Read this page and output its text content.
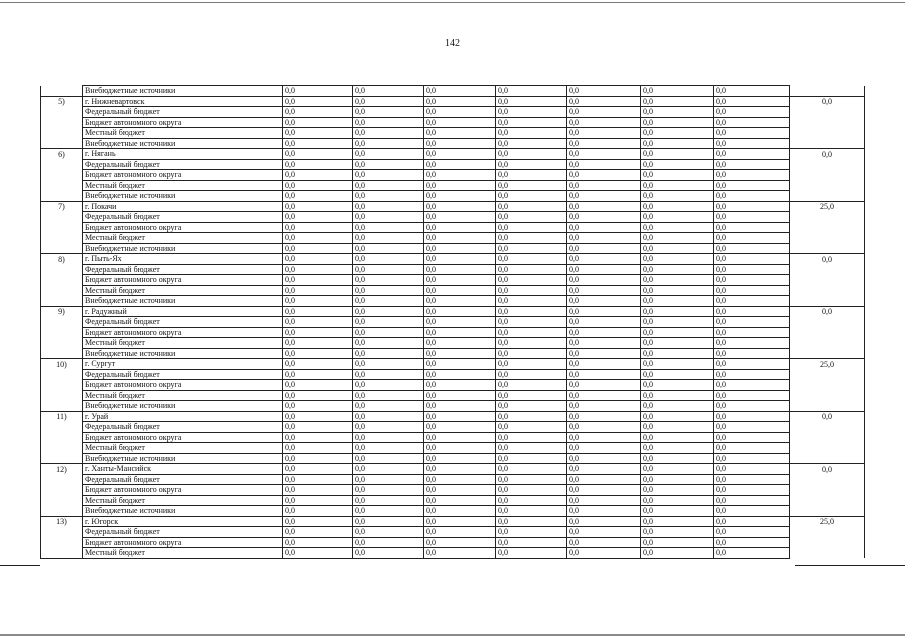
142
	Внебюджетные источники	0,0	0,0	0,0	0,0	0,0	0,0	0,0	
5)	г. Нижневартовск	0,0	0,0	0,0	0,0	0,0	0,0	0,0	0,0
	Федеральный бюджет	0,0	0,0	0,0	0,0	0,0	0,0	0,0	
	Бюджет автономного округа	0,0	0,0	0,0	0,0	0,0	0,0	0,0	
	Местный бюджет	0,0	0,0	0,0	0,0	0,0	0,0	0,0	
	Внебюджетные источники	0,0	0,0	0,0	0,0	0,0	0,0	0,0	
6)	г. Нягань	0,0	0,0	0,0	0,0	0,0	0,0	0,0	0,0
	Федеральный бюджет	0,0	0,0	0,0	0,0	0,0	0,0	0,0	
	Бюджет автономного округа	0,0	0,0	0,0	0,0	0,0	0,0	0,0	
	Местный бюджет	0,0	0,0	0,0	0,0	0,0	0,0	0,0	
	Внебюджетные источники	0,0	0,0	0,0	0,0	0,0	0,0	0,0	
7)	г. Покачи	0,0	0,0	0,0	0,0	0,0	0,0	0,0	25,0
	Федеральный бюджет	0,0	0,0	0,0	0,0	0,0	0,0	0,0	
	Бюджет автономного округа	0,0	0,0	0,0	0,0	0,0	0,0	0,0	
	Местный бюджет	0,0	0,0	0,0	0,0	0,0	0,0	0,0	
	Внебюджетные источники	0,0	0,0	0,0	0,0	0,0	0,0	0,0	
8)	г. Пыть-Ях	0,0	0,0	0,0	0,0	0,0	0,0	0,0	0,0
	Федеральный бюджет	0,0	0,0	0,0	0,0	0,0	0,0	0,0	
	Бюджет автономного округа	0,0	0,0	0,0	0,0	0,0	0,0	0,0	
	Местный бюджет	0,0	0,0	0,0	0,0	0,0	0,0	0,0	
	Внебюджетные источники	0,0	0,0	0,0	0,0	0,0	0,0	0,0	
9)	г. Радужный	0,0	0,0	0,0	0,0	0,0	0,0	0,0	0,0
	Федеральный бюджет	0,0	0,0	0,0	0,0	0,0	0,0	0,0	
	Бюджет автономного округа	0,0	0,0	0,0	0,0	0,0	0,0	0,0	
	Местный бюджет	0,0	0,0	0,0	0,0	0,0	0,0	0,0	
	Внебюджетные источники	0,0	0,0	0,0	0,0	0,0	0,0	0,0	
10)	г. Сургут	0,0	0,0	0,0	0,0	0,0	0,0	0,0	25,0
	Федеральный бюджет	0,0	0,0	0,0	0,0	0,0	0,0	0,0	
	Бюджет автономного округа	0,0	0,0	0,0	0,0	0,0	0,0	0,0	
	Местный бюджет	0,0	0,0	0,0	0,0	0,0	0,0	0,0	
	Внебюджетные источники	0,0	0,0	0,0	0,0	0,0	0,0	0,0	
11)	г. Урай	0,0	0,0	0,0	0,0	0,0	0,0	0,0	0,0
	Федеральный бюджет	0,0	0,0	0,0	0,0	0,0	0,0	0,0	
	Бюджет автономного округа	0,0	0,0	0,0	0,0	0,0	0,0	0,0	
	Местный бюджет	0,0	0,0	0,0	0,0	0,0	0,0	0,0	
	Внебюджетные источники	0,0	0,0	0,0	0,0	0,0	0,0	0,0	
12)	г. Ханты-Мансийск	0,0	0,0	0,0	0,0	0,0	0,0	0,0	0,0
	Федеральный бюджет	0,0	0,0	0,0	0,0	0,0	0,0	0,0	
	Бюджет автономного округа	0,0	0,0	0,0	0,0	0,0	0,0	0,0	
	Местный бюджет	0,0	0,0	0,0	0,0	0,0	0,0	0,0	
	Внебюджетные источники	0,0	0,0	0,0	0,0	0,0	0,0	0,0	
13)	г. Югорск	0,0	0,0	0,0	0,0	0,0	0,0	0,0	25,0
	Федеральный бюджет	0,0	0,0	0,0	0,0	0,0	0,0	0,0	
	Бюджет автономного округа	0,0	0,0	0,0	0,0	0,0	0,0	0,0	
	Местный бюджет	0,0	0,0	0,0	0,0	0,0	0,0	0,0	
